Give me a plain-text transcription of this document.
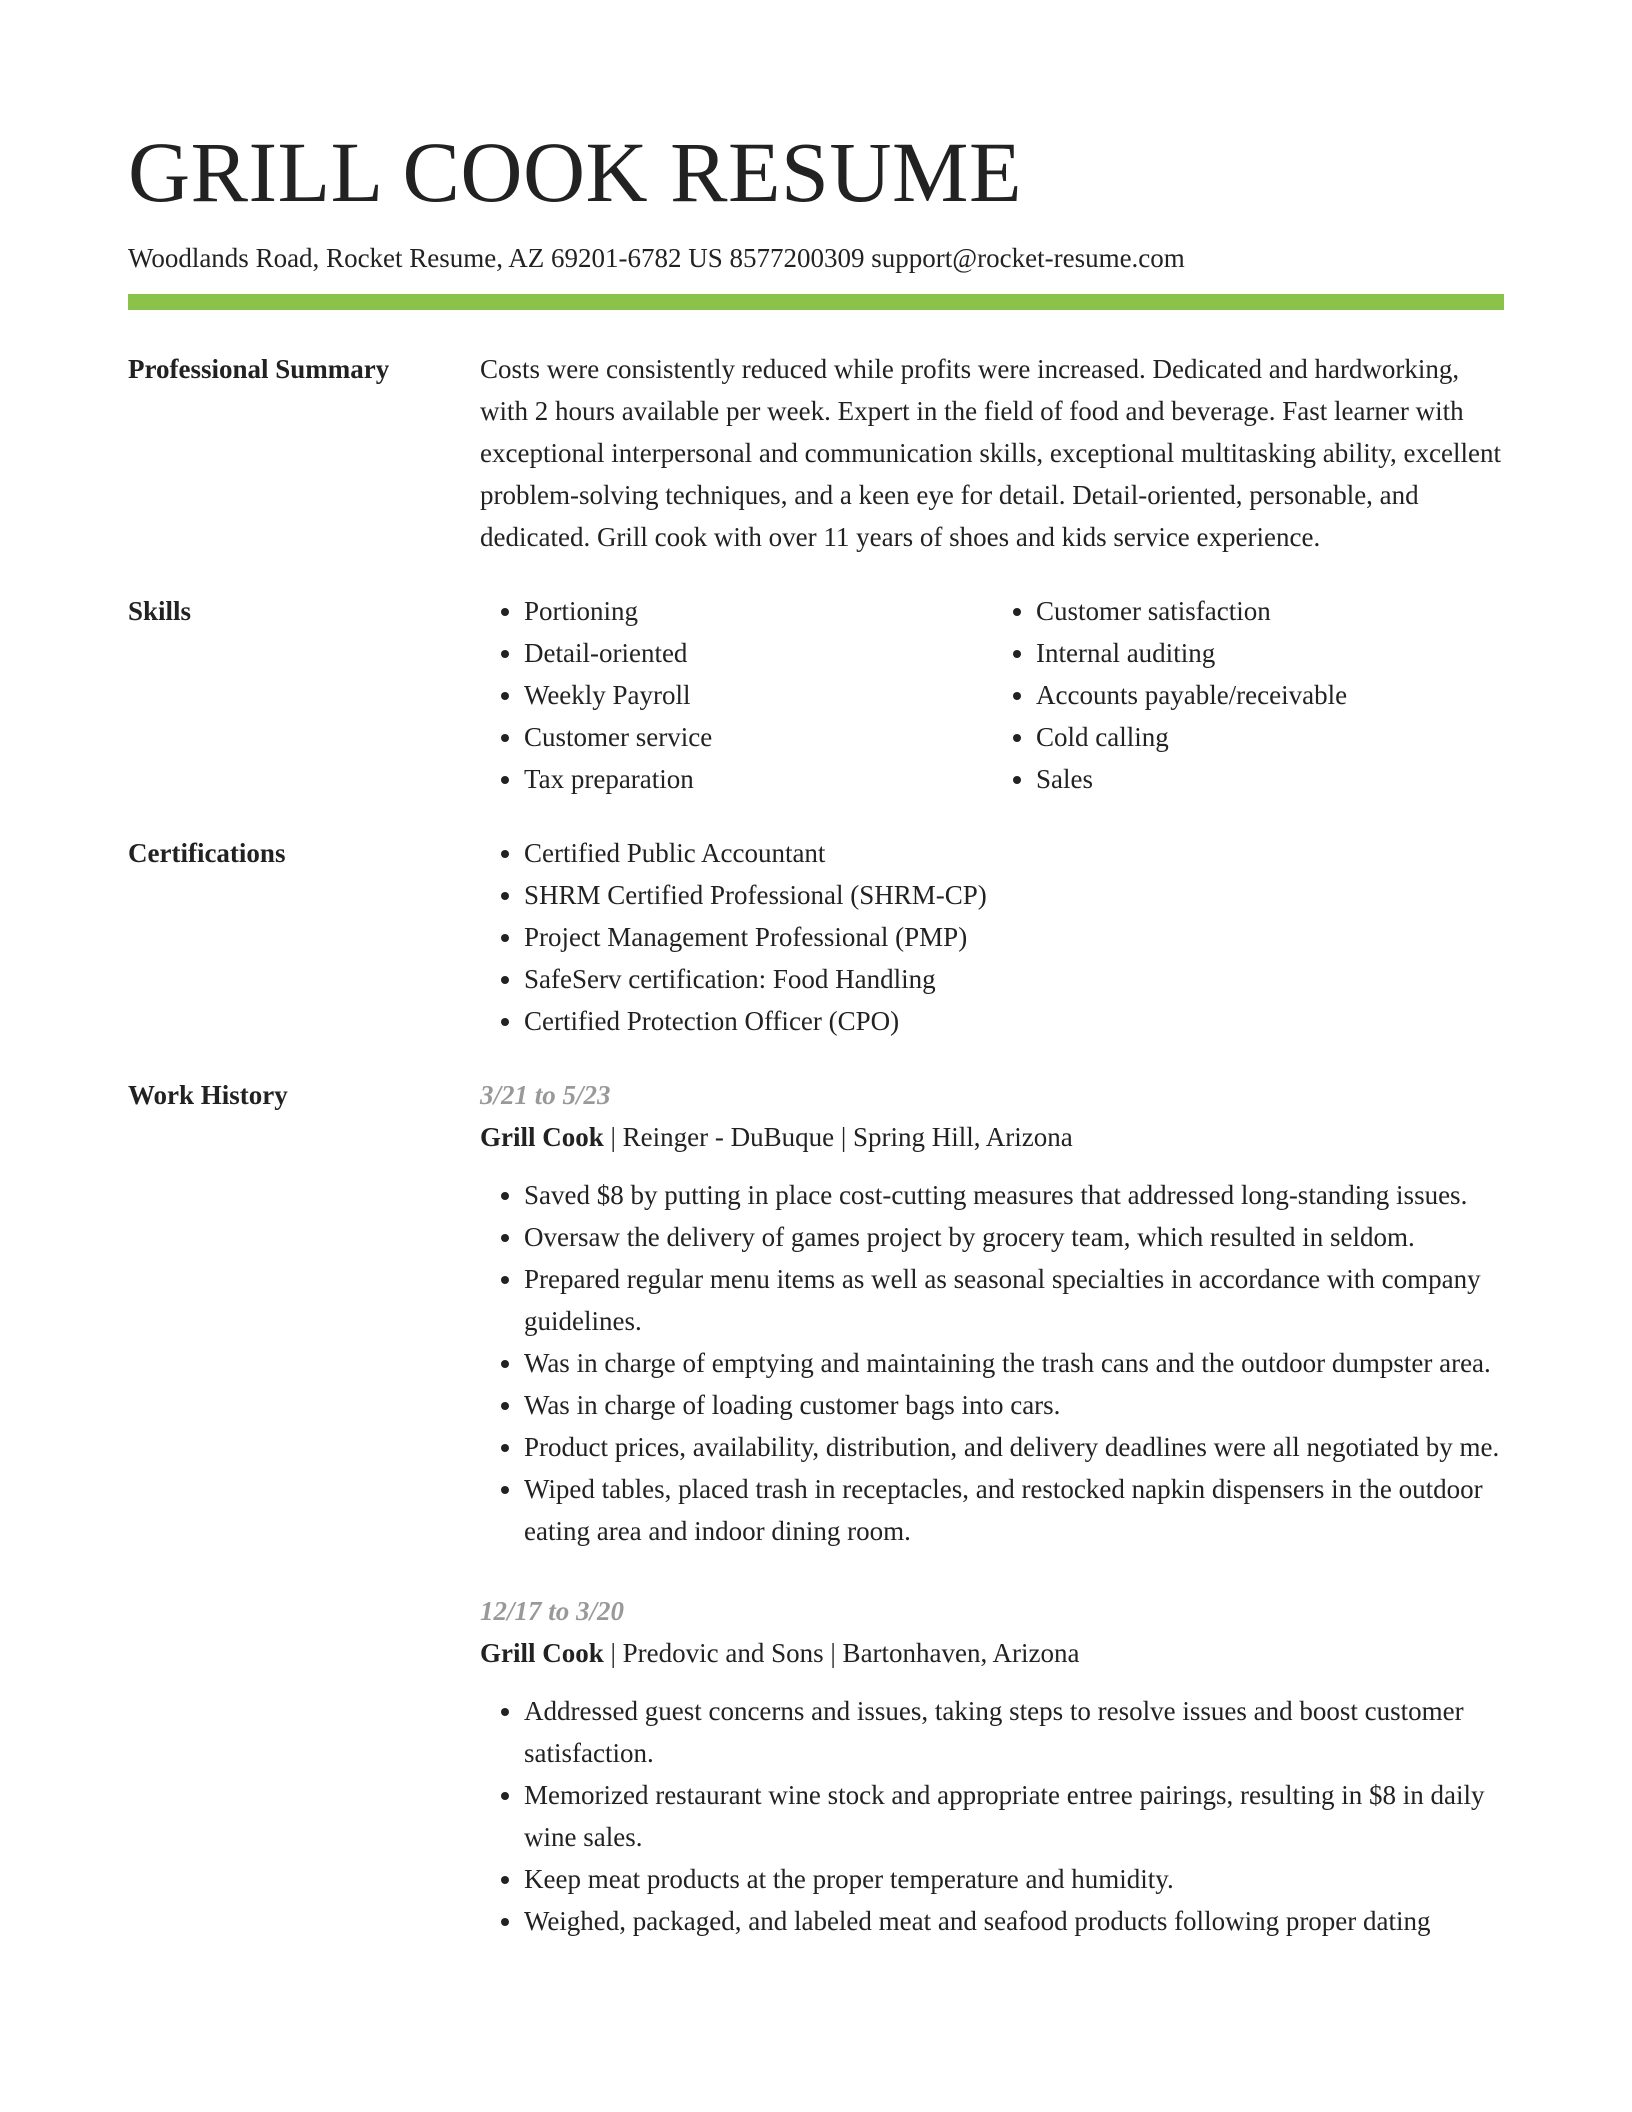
GRILL COOK RESUME
Woodlands Road, Rocket Resume, AZ 69201-6782 US 8577200309 support@rocket-resume.com
Professional Summary	Costs were consistently reduced while profits were increased. Dedicated and hardworking, with 2 hours available per week. Expert in the field of food and beverage. Fast learner with exceptional interpersonal and communication skills, exceptional multitasking ability, excellent problem-solving techniques, and a keen eye for detail. Detail-oriented, personable, and dedicated. Grill cook with over 11 years of shoes and kids service experience.

Skills	• Portioning
• Detail-oriented
• Weekly Payroll
• Customer service
• Tax preparation
• Customer satisfaction
• Internal auditing
• Accounts payable/receivable
• Cold calling
• Sales
Certifications	• Certified Public Accountant
• SHRM Certified Professional (SHRM-CP)
• Project Management Professional (PMP)
• SafeServ certification: Food Handling
• Certified Protection Officer (CPO)
Work History	3/21 to 5/23
Grill Cook | Reinger - DuBuque | Spring Hill, Arizona
• Saved $8 by putting in place cost-cutting measures that addressed long-standing issues.
• Oversaw the delivery of games project by grocery team, which resulted in seldom.
• Prepared regular menu items as well as seasonal specialties in accordance with company guidelines.
• Was in charge of emptying and maintaining the trash cans and the outdoor dumpster area.
• Was in charge of loading customer bags into cars.
• Product prices, availability, distribution, and delivery deadlines were all negotiated by me.
• Wiped tables, placed trash in receptacles, and restocked napkin dispensers in the outdoor eating area and indoor dining room.
12/17 to 3/20
Grill Cook | Predovic and Sons | Bartonhaven, Arizona
• Addressed guest concerns and issues, taking steps to resolve issues and boost customer satisfaction.
• Memorized restaurant wine stock and appropriate entree pairings, resulting in $8 in daily wine sales.
• Keep meat products at the proper temperature and humidity.
• Weighed, packaged, and labeled meat and seafood products following proper dating
